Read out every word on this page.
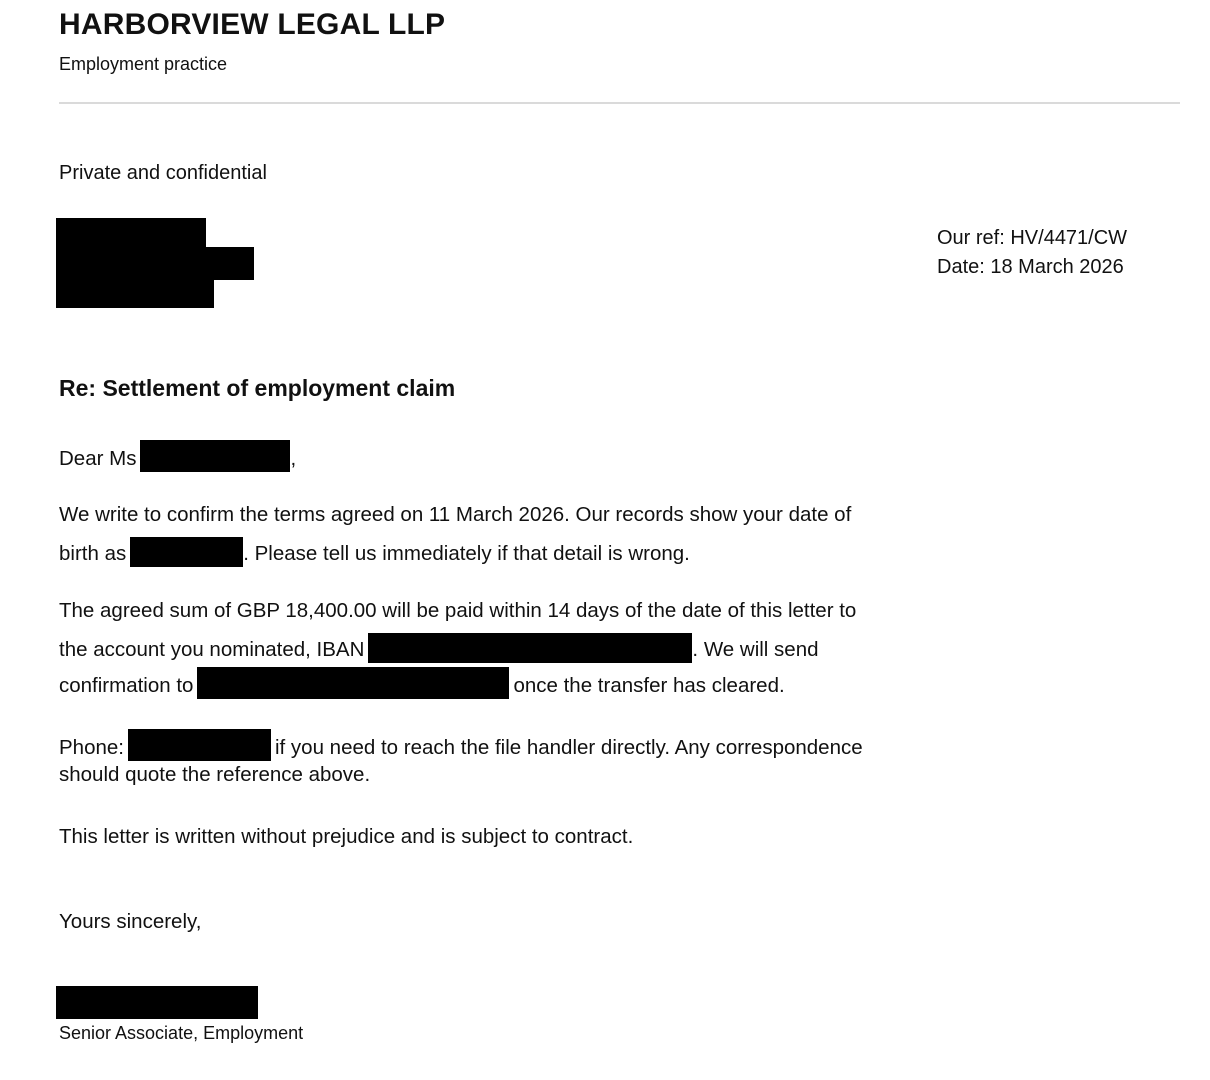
HARBORVIEW LEGAL LLP
Employment practice
Private and confidential
Our ref: HV/4471/CW
Date: 18 March 2026
Re: Settlement of employment claim
Dear Ms	,
We write to confirm the terms agreed on 11 March 2026. Our records show your date of
birth as	. Please tell us immediately if that detail is wrong.
The agreed sum of GBP 18,400.00 will be paid within 14 days of the date of this letter to
the account you nominated, IBAN	. We will send
confirmation to	once the transfer has cleared.
Phone:	if you need to reach the file handler directly. Any correspondence
should quote the reference above.
This letter is written without prejudice and is subject to contract.
Yours sincerely,
Senior Associate, Employment
